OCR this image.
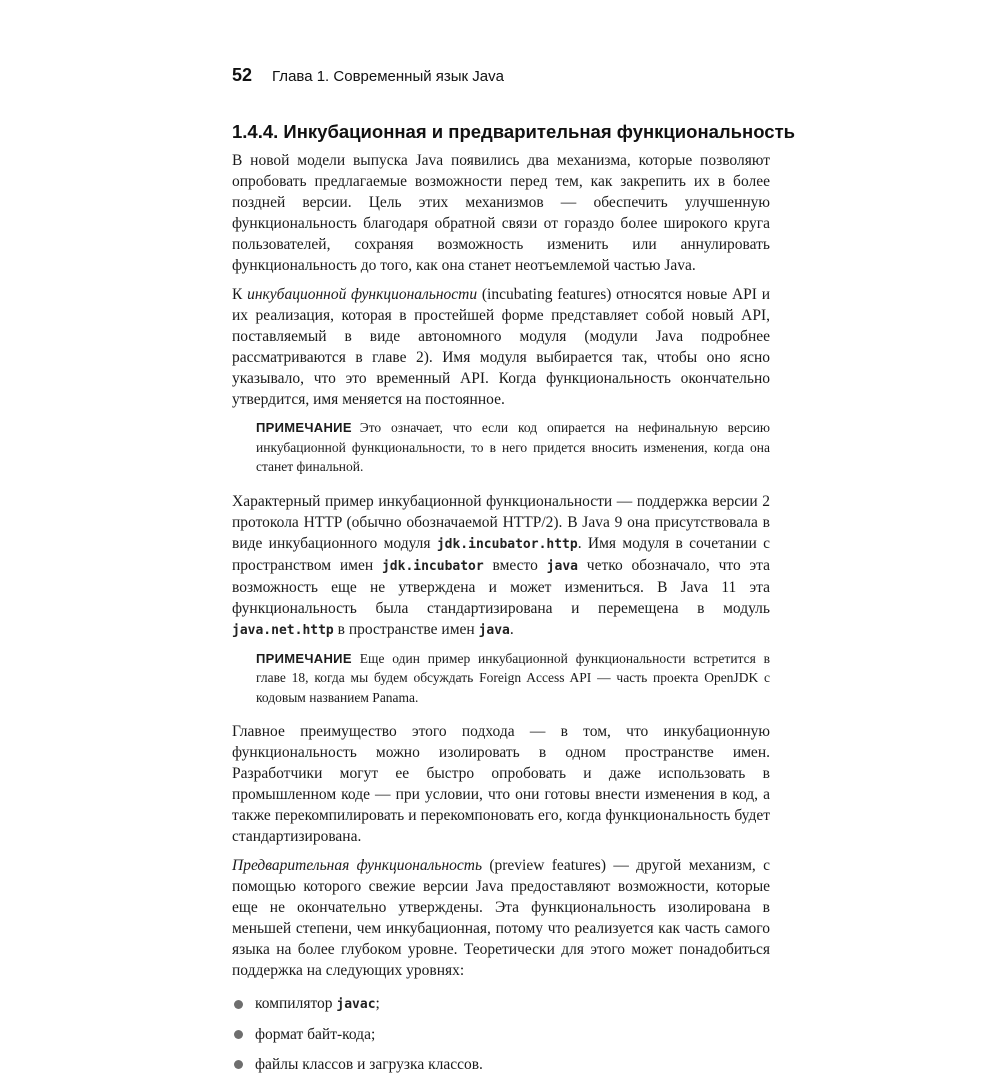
52 Глава 1. Современный язык Java
1.4.4. Инкубационная и предварительная функциональность

В новой модели выпуска Java появились два механизма, которые позволяют опробовать предлагаемые возможности перед тем, как закрепить их в более поздней версии. Цель этих механизмов — обеспечить улучшенную функциональность благодаря обратной связи от гораздо более широкого круга пользователей, сохраняя возможность изменить или аннулировать функциональность до того, как она станет неотъемлемой частью Java.

К инкубационной функциональности (incubating features) относятся новые API и их реализация, которая в простейшей форме представляет собой новый API, поставляемый в виде автономного модуля (модули Java подробнее рассматриваются в главе 2). Имя модуля выбирается так, чтобы оно ясно указывало, что это временный API. Когда функциональность окончательно утвердится, имя меняется на постоянное.

ПРИМЕЧАНИЕ Это означает, что если код опирается на нефинальную версию инкубационной функциональности, то в него придется вносить изменения, когда она станет финальной.

Характерный пример инкубационной функциональности — поддержка версии 2 протокола HTTP (обычно обозначаемой HTTP/2). В Java 9 она присутствовала в виде инкубационного модуля jdk.incubator.http. Имя модуля в сочетании с пространством имен jdk.incubator вместо java четко обозначало, что эта возможность еще не утверждена и может измениться. В Java 11 эта функциональность была стандартизирована и перемещена в модуль java.net.http в пространстве имен java.

ПРИМЕЧАНИЕ Еще один пример инкубационной функциональности встретится в главе 18, когда мы будем обсуждать Foreign Access API — часть проекта OpenJDK с кодовым названием Panama.

Главное преимущество этого подхода — в том, что инкубационную функциональность можно изолировать в одном пространстве имен. Разработчики могут ее быстро опробовать и даже использовать в промышленном коде — при условии, что они готовы внести изменения в код, а также перекомпилировать и перекомпоновать его, когда функциональность будет стандартизирована.

Предварительная функциональность (preview features) — другой механизм, с помощью которого свежие версии Java предоставляют возможности, которые еще не окончательно утверждены. Эта функциональность изолирована в меньшей степени, чем инкубационная, потому что реализуется как часть самого языка на более глубоком уровне. Теоретически для этого может понадобиться поддержка на следующих уровнях:

компилятор javac;
формат байт-кода;
файлы классов и загрузка классов.
